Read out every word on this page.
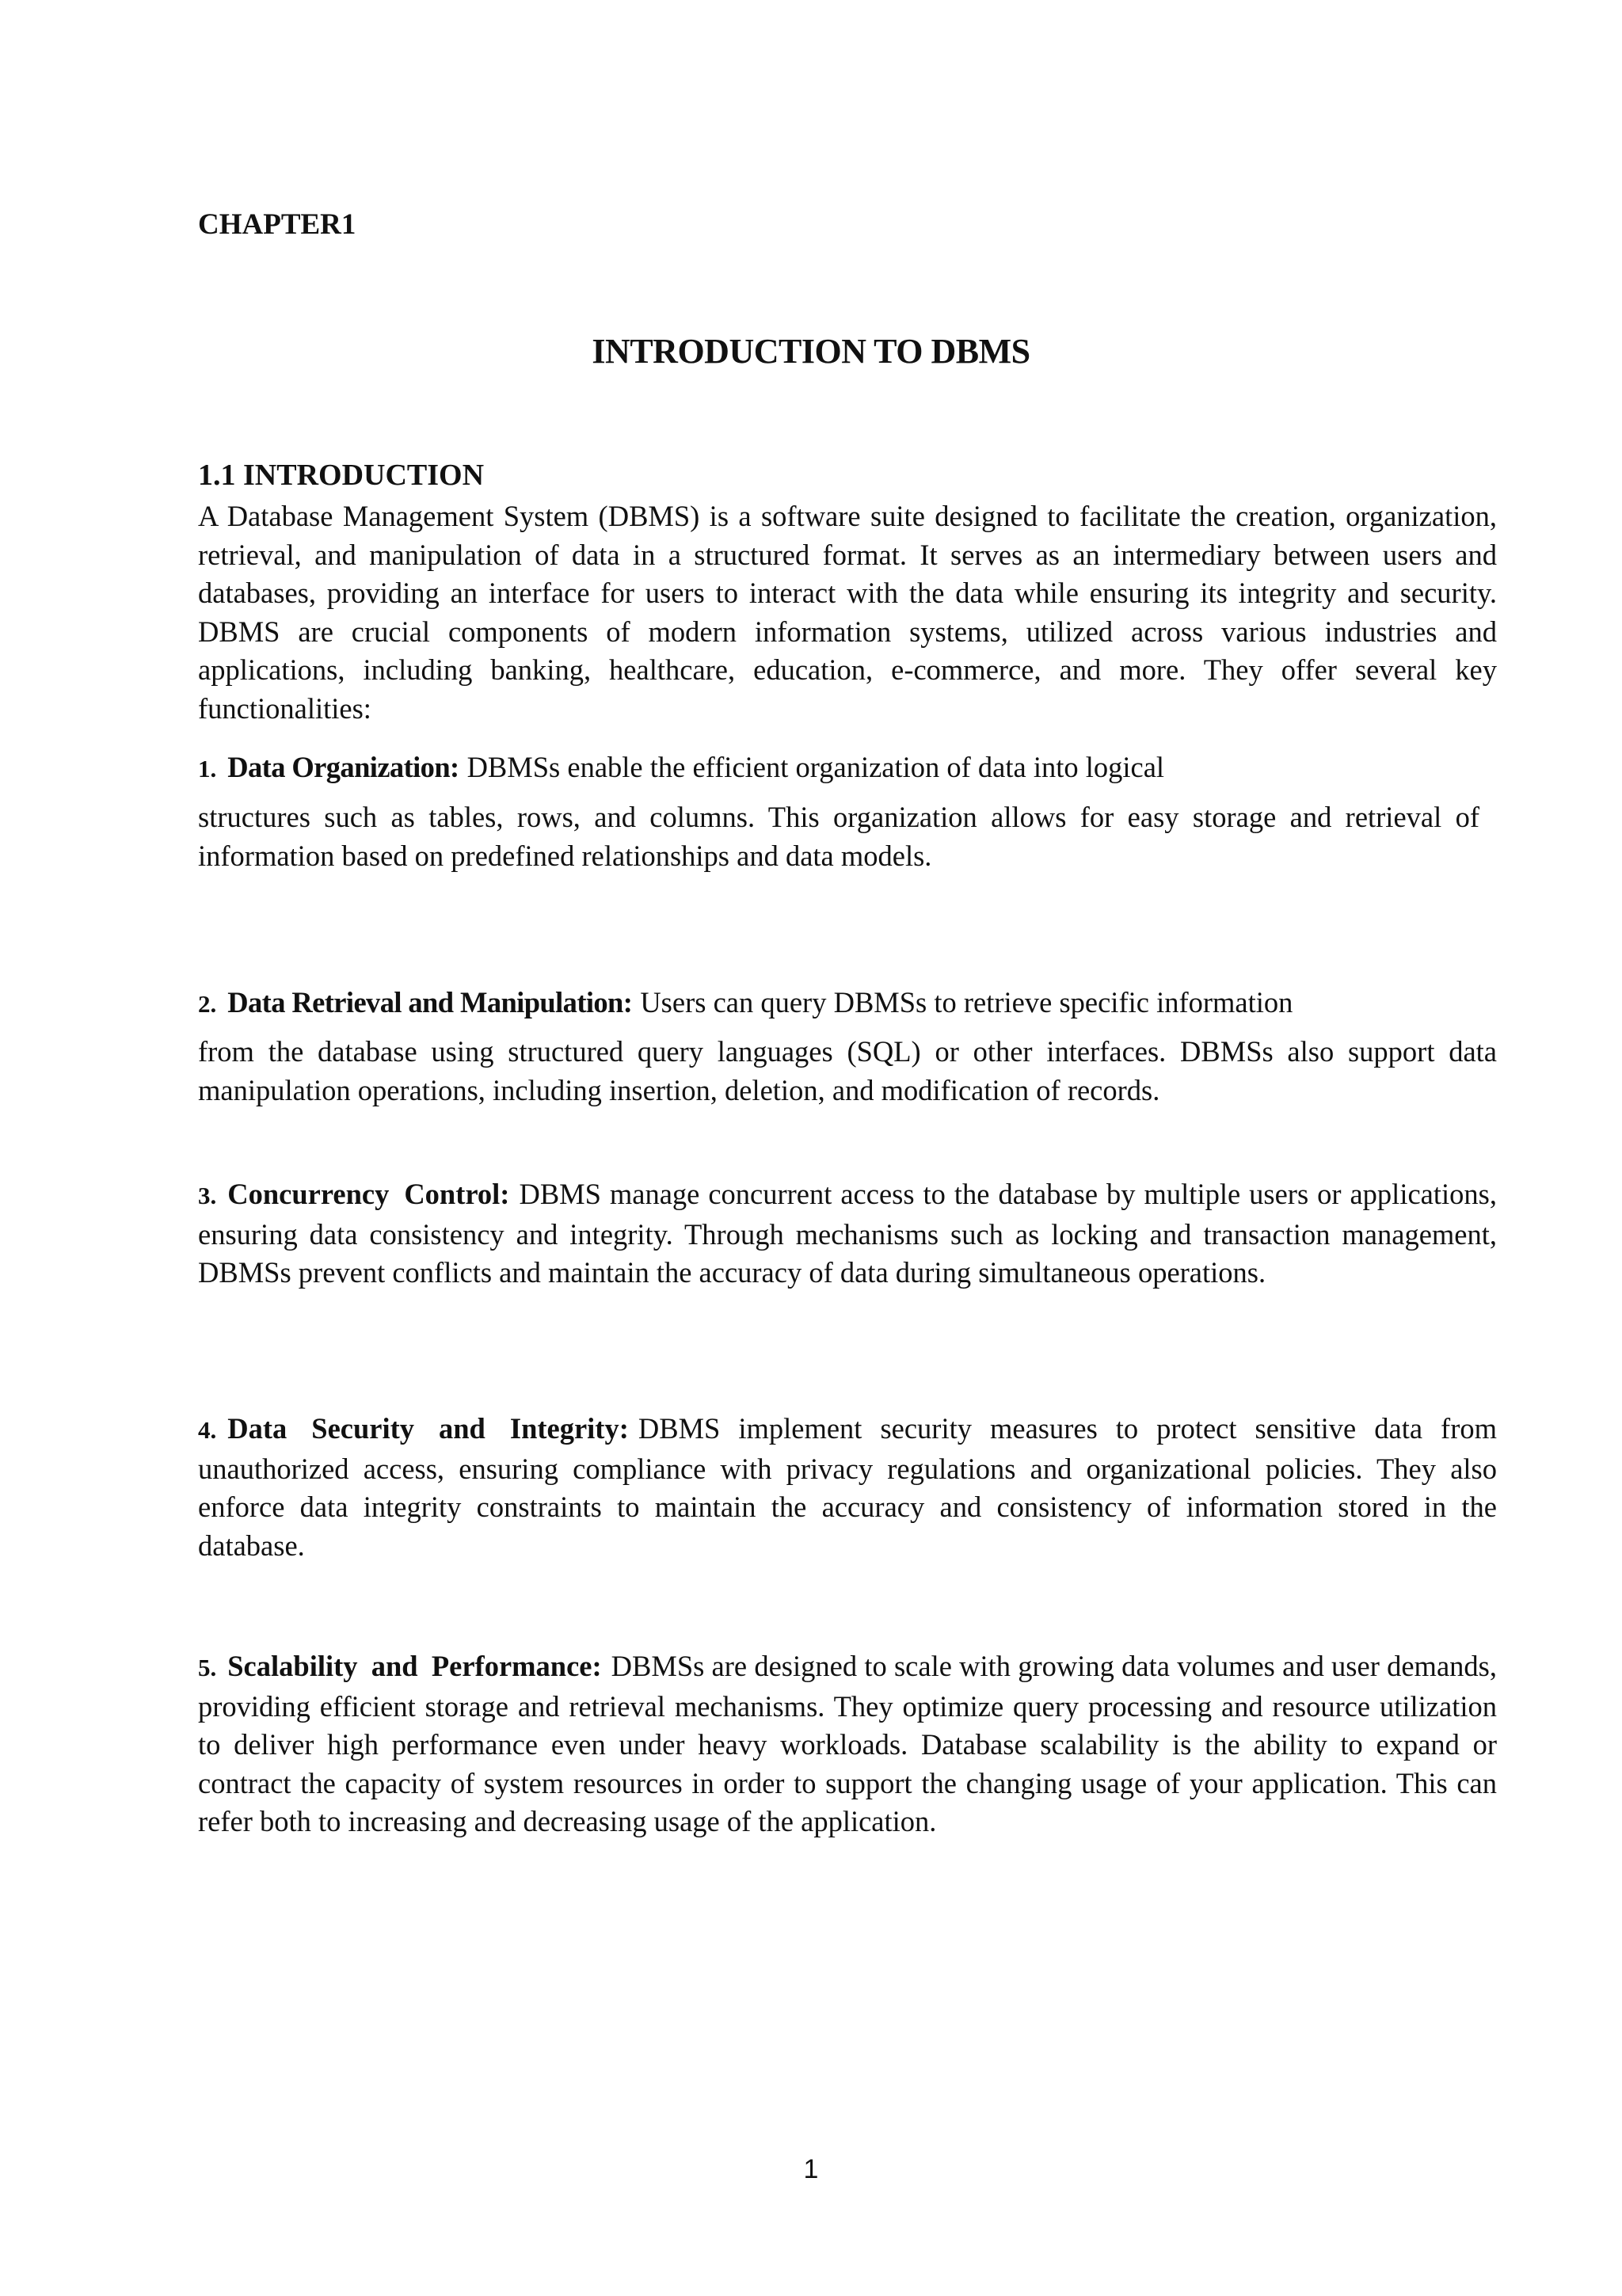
CHAPTER1

INTRODUCTION TO DBMS
1.1 INTRODUCTION

A Database Management System (DBMS) is a software suite designed to facilitate the creation, organization, retrieval, and manipulation of data in a structured format. It serves as an intermediary between users and databases, providing an interface for users to interact with the data while ensuring its integrity and security. DBMS are crucial components of modern information systems, utilized across various industries and applications, including banking, healthcare, education, e-commerce, and more. They offer several key functionalities:

1. Data Organization: DBMSs enable the efficient organization of data into logical

structures such as tables, rows, and columns. This organization allows for easy storage and retrieval of information based on predefined relationships and data models.

2. Data Retrieval and Manipulation: Users can query DBMSs to retrieve specific information

from the database using structured query languages (SQL) or other interfaces. DBMSs also support data manipulation operations, including insertion, deletion, and modification of records.

3. Concurrency Control: DBMS manage concurrent access to the database by multiple users or applications, ensuring data consistency and integrity. Through mechanisms such as locking and transaction management, DBMSs prevent conflicts and maintain the accuracy of data during simultaneous operations.

4. Data Security and Integrity: DBMS implement security measures to protect sensitive data from unauthorized access, ensuring compliance with privacy regulations and organizational policies. They also enforce data integrity constraints to maintain the accuracy and consistency of information stored in the database.

5. Scalability and Performance: DBMSs are designed to scale with growing data volumes and user demands, providing efficient storage and retrieval mechanisms. They optimize query processing and resource utilization to deliver high performance even under heavy workloads. Database scalability is the ability to expand or contract the capacity of system resources in order to support the changing usage of your application. This can refer both to increasing and decreasing usage of the application.

1
